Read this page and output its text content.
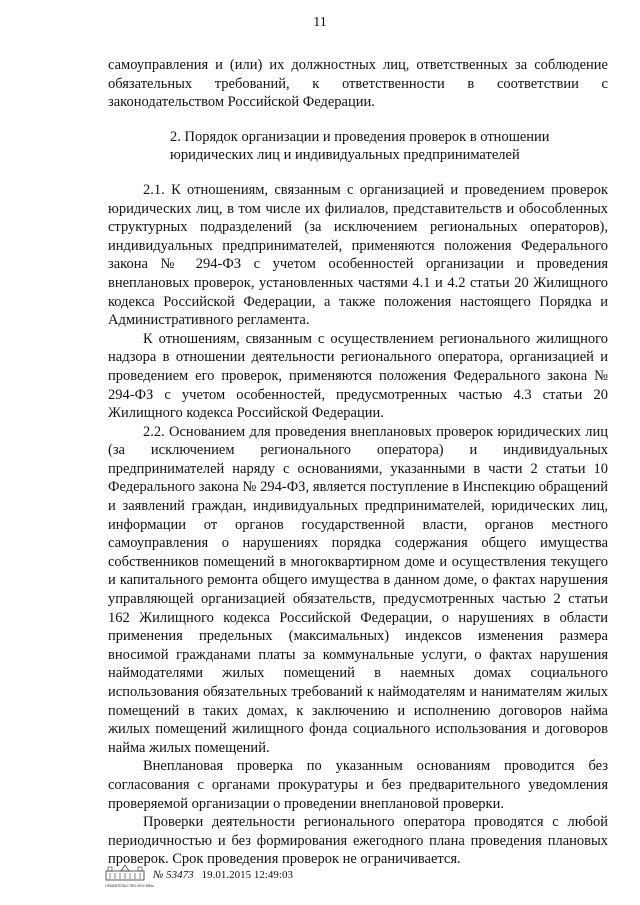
11

самоуправления и (или) их должностных лиц, ответственных за соблюдение обязательных требований, к ответственности в соответствии с законодательством Российской Федерации.

2. Порядок организации и проведения проверок в отношении юридических лиц и индивидуальных предпринимателей

2.1. К отношениям, связанным с организацией и проведением проверок юридических лиц, в том числе их филиалов, представительств и обособленных структурных подразделений (за исключением региональных операторов), индивидуальных предпринимателей, применяются положения Федерального закона № 294-ФЗ с учетом особенностей организации и проведения внеплановых проверок, установленных частями 4.1 и 4.2 статьи 20 Жилищного кодекса Российской Федерации, а также положения настоящего Порядка и Административного регламента.

К отношениям, связанным с осуществлением регионального жилищного надзора в отношении деятельности регионального оператора, организацией и проведением его проверок, применяются положения Федерального закона № 294-ФЗ с учетом особенностей, предусмотренных частью 4.3 статьи 20 Жилищного кодекса Российской Федерации.

2.2. Основанием для проведения внеплановых проверок юридических лиц (за исключением регионального оператора) и индивидуальных предпринимателей наряду с основаниями, указанными в части 2 статьи 10 Федерального закона № 294-ФЗ, является поступление в Инспекцию обращений и заявлений граждан, индивидуальных предпринимателей, юридических лиц, информации от органов государственной власти, органов местного самоуправления о нарушениях порядка содержания общего имущества собственников помещений в многоквартирном доме и осуществления текущего и капитального ремонта общего имущества в данном доме, о фактах нарушения управляющей организацией обязательств, предусмотренных частью 2 статьи 162 Жилищного кодекса Российской Федерации, о нарушениях в области применения предельных (максимальных) индексов изменения размера вносимой гражданами платы за коммунальные услуги, о фактах нарушения наймодателями жилых помещений в наемных домах социального использования обязательных требований к наймодателям и нанимателям жилых помещений в таких домах, к заключению и исполнению договоров найма жилых помещений жилищного фонда социального использования и договоров найма жилых помещений.

Внеплановая проверка по указанным основаниям проводится без согласования с органами прокуратуры и без предварительного уведомления проверяемой организации о проведении внеплановой проверки.

Проверки деятельности регионального оператора проводятся с любой периодичностью и без формирования ежегодного плана проведения плановых проверок. Срок проведения проверок не ограничивается.

ПРАВИТЕЛЬСТВО МОСКВЫ
№ 53473 19.01.2015 12:49:03
